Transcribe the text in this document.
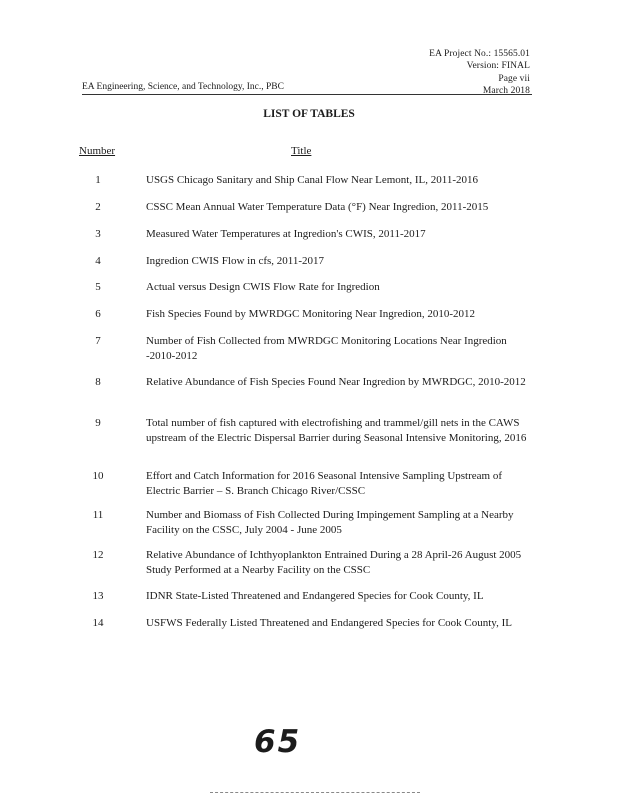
EA Project No.: 15565.01
Version: FINAL
Page vii
March 2018
EA Engineering, Science, and Technology, Inc., PBC
LIST OF TABLES
Number	Title
1	USGS Chicago Sanitary and Ship Canal Flow Near Lemont, IL, 2011-2016
2	CSSC Mean Annual Water Temperature Data (°F) Near Ingredion, 2011-2015
3	Measured Water Temperatures at Ingredion's CWIS, 2011-2017
4	Ingredion CWIS Flow in cfs, 2011-2017
5	Actual versus Design CWIS Flow Rate for Ingredion
6	Fish Species Found by MWRDGC Monitoring Near Ingredion, 2010-2012
7	Number of Fish Collected from MWRDGC Monitoring Locations Near Ingredion -2010-2012
8	Relative Abundance of Fish Species Found Near Ingredion by MWRDGC, 2010-2012
9	Total number of fish captured with electrofishing and trammel/gill nets in the CAWS upstream of the Electric Dispersal Barrier during Seasonal Intensive Monitoring, 2016
10	Effort and Catch Information for 2016 Seasonal Intensive Sampling Upstream of Electric Barrier – S. Branch Chicago River/CSSC
11	Number and Biomass of Fish Collected During Impingement Sampling at a Nearby Facility on the CSSC, July 2004 - June 2005
12	Relative Abundance of Ichthyoplankton Entrained During a 28 April-26 August 2005 Study Performed at a Nearby Facility on the CSSC
13	IDNR State-Listed Threatened and Endangered Species for Cook County, IL
14	USFWS Federally Listed Threatened and Endangered Species for Cook County, IL
65
